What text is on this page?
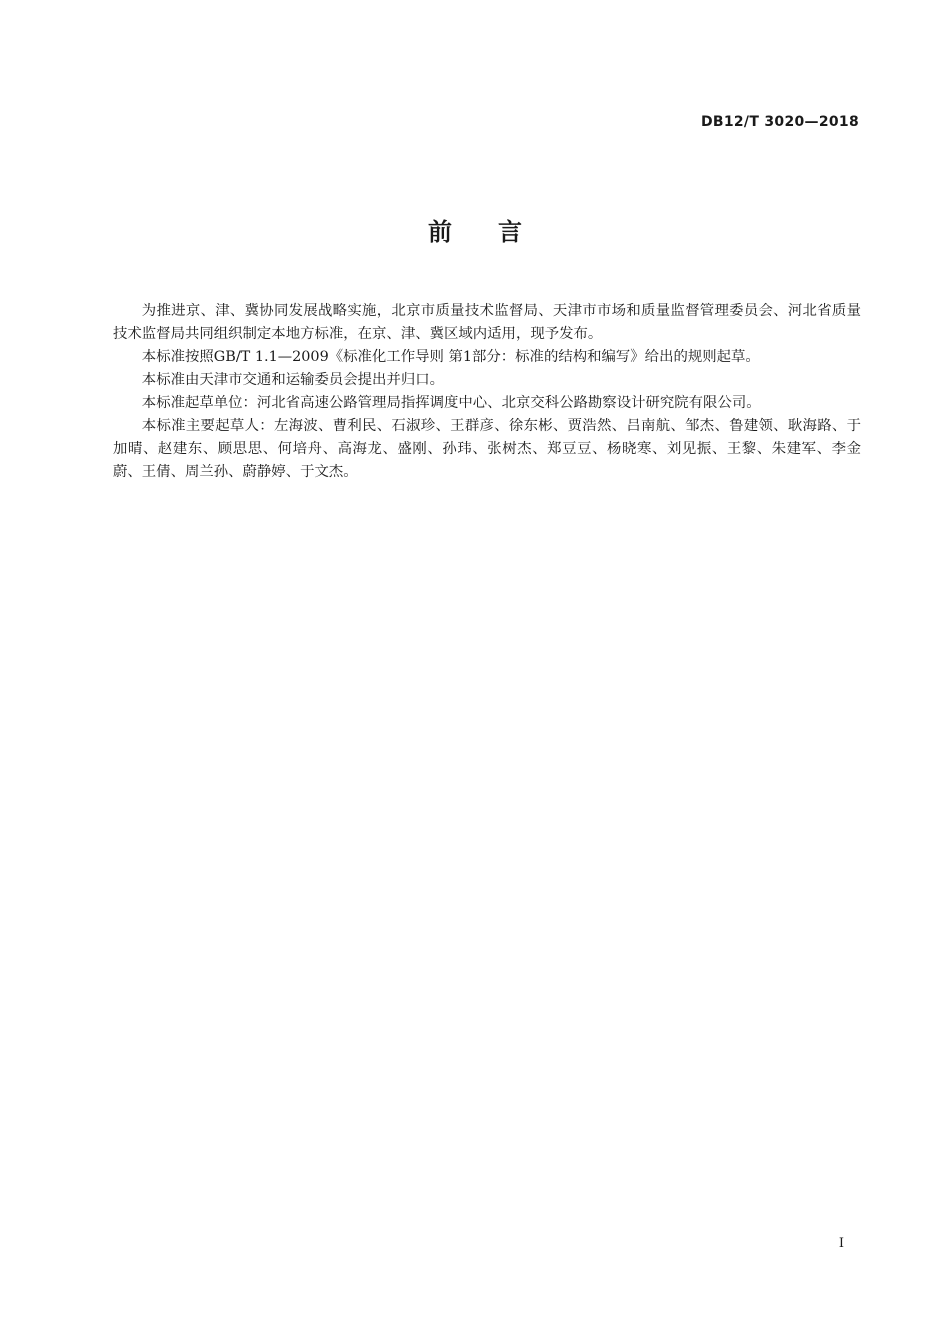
DB12/T 3020—2018
前言

为推进京、津、冀协同发展战略实施，北京市质量技术监督局、天津市市场和质量监督管理委员会、河北省质量技术监督局共同组织制定本地方标准，在京、津、冀区域内适用，现予发布。

本标准按照GB/T 1.1—2009《标准化工作导则 第1部分：标准的结构和编写》给出的规则起草。

本标准由天津市交通和运输委员会提出并归口。

本标准起草单位：河北省高速公路管理局指挥调度中心、北京交科公路勘察设计研究院有限公司。

本标准主要起草人：左海波、曹利民、石淑珍、王群彦、徐东彬、贾浩然、吕南航、邹杰、鲁建领、耿海路、于加晴、赵建东、顾思思、何培舟、高海龙、盛刚、孙玮、张树杰、郑豆豆、杨晓寒、刘见振、王黎、朱建军、李金蔚、王倩、周兰孙、蔚静婷、于文杰。

I
